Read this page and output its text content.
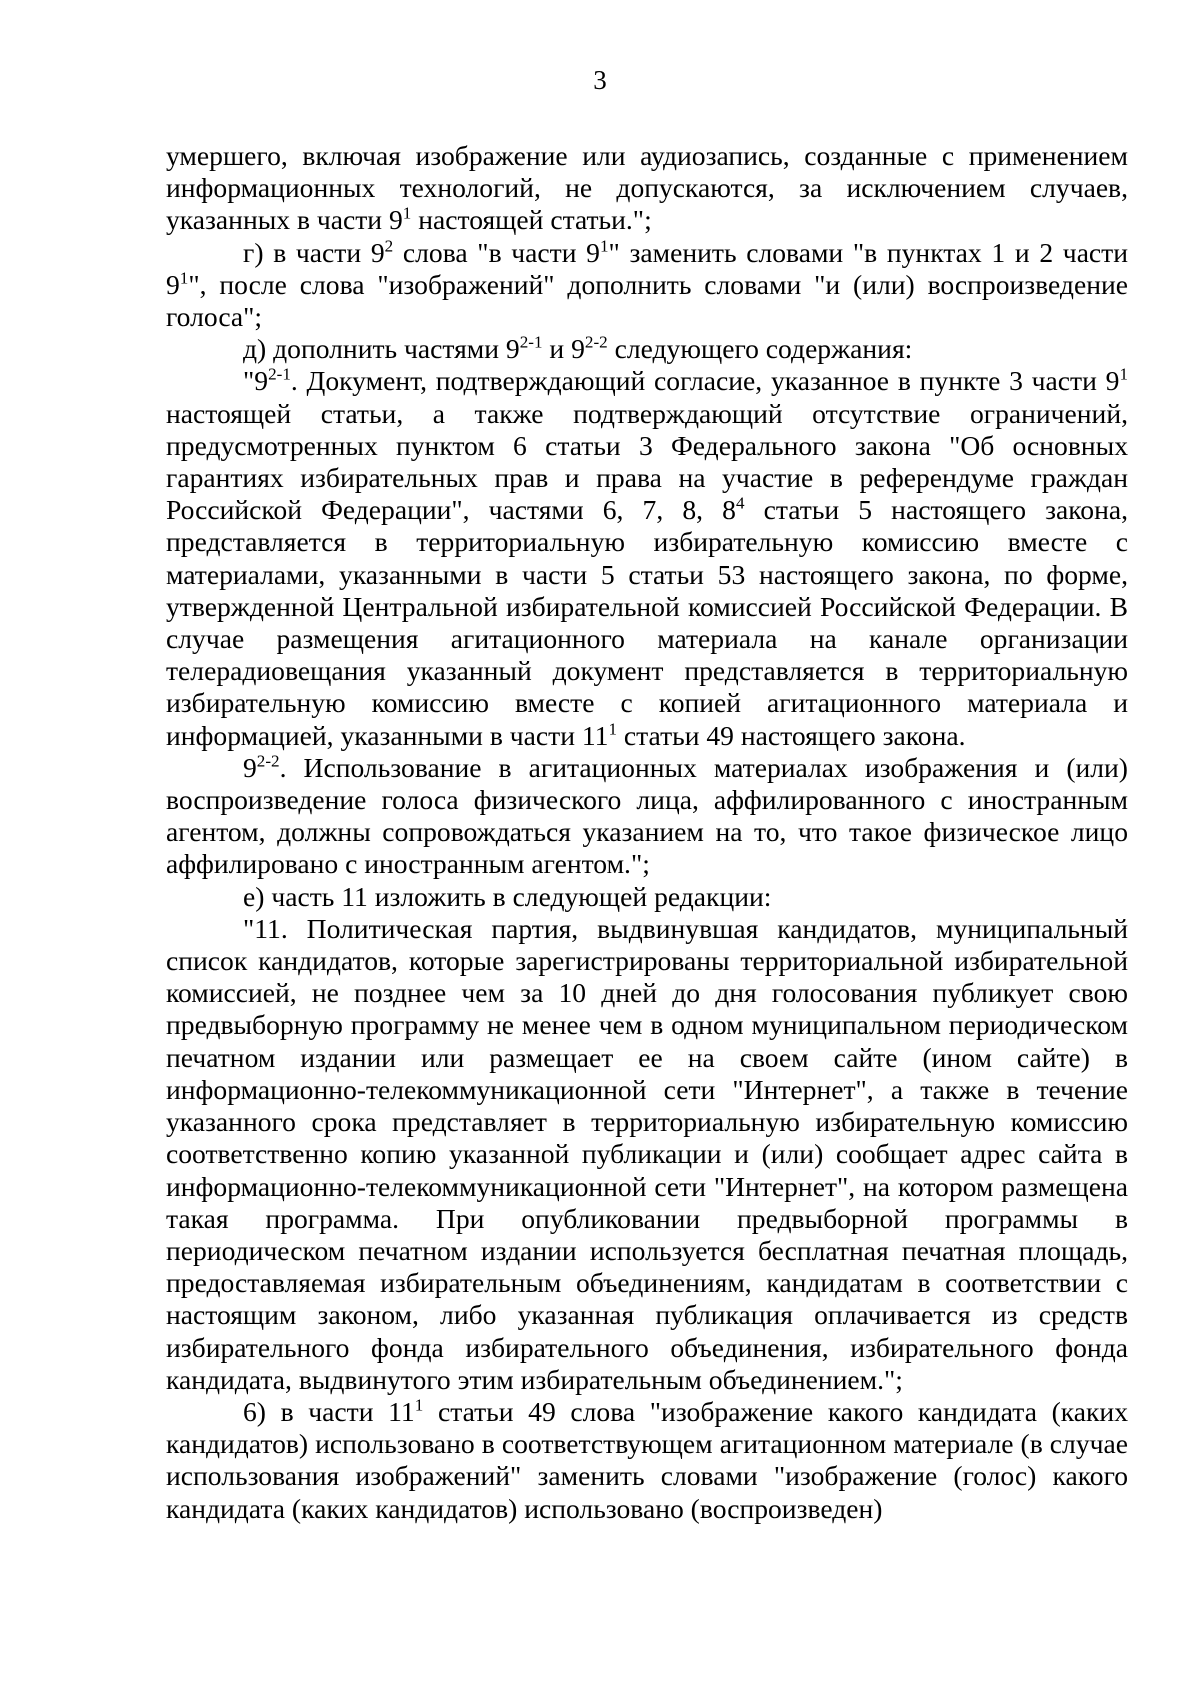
3

умершего, включая изображение или аудиозапись, созданные с применением информационных технологий, не допускаются, за исключением случаев, указанных в части $9^1$ настоящей статьи.";

г) в части $9^2$ слова "в части $9^1$" заменить словами "в пунктах 1 и 2 части $9^1$", после слова "изображений" дополнить словами "и (или) воспроизведение голоса";

д) дополнить частями 9$^{2-1}$ и 9$^{2-2}$ следующего содержания:

"9$^{2-1}$. Документ, подтверждающий согласие, указанное в пункте 3 части $9^1$ настоящей статьи, а также подтверждающий отсутствие ограничений, предусмотренных пунктом 6 статьи 3 Федерального закона "Об основных гарантиях избирательных прав и права на участие в референдуме граждан Российской Федерации", частями 6, 7, 8, $8^4$ статьи 5 настоящего закона, представляется в территориальную избирательную комиссию вместе с материалами, указанными в части 5 статьи 53 настоящего закона, по форме, утвержденной Центральной избирательной комиссией Российской Федерации. В случае размещения агитационного материала на канале организации телерадиовещания указанный документ представляется в территориальную избирательную комиссию вместе с копией агитационного материала и информацией, указанными в части $11^1$ статьи 49 настоящего закона.

9$^{2-2}$. Использование в агитационных материалах изображения и (или) воспроизведение голоса физического лица, аффилированного с иностранным агентом, должны сопровождаться указанием на то, что такое физическое лицо аффилировано с иностранным агентом.";

е) часть 11 изложить в следующей редакции:

"11. Политическая партия, выдвинувшая кандидатов, муниципальный список кандидатов, которые зарегистрированы территориальной избирательной комиссией, не позднее чем за 10 дней до дня голосования публикует свою предвыборную программу не менее чем в одном муниципальном периодическом печатном издании или размещает ее на своем сайте (ином сайте) в информационно-телекоммуникационной сети "Интернет", а также в течение указанного срока представляет в территориальную избирательную комиссию соответственно копию указанной публикации и (или) сообщает адрес сайта в информационно-телекоммуникационной сети "Интернет", на котором размещена такая программа. При опубликовании предвыборной программы в периодическом печатном издании используется бесплатная печатная площадь, предоставляемая избирательным объединениям, кандидатам в соответствии с настоящим законом, либо указанная публикация оплачивается из средств избирательного фонда избирательного объединения, избирательного фонда кандидата, выдвинутого этим избирательным объединением.";

6) в части $11^1$ статьи 49 слова "изображение какого кандидата (каких кандидатов) использовано в соответствующем агитационном материале (в случае использования изображений" заменить словами "изображение (голос) какого кандидата (каких кандидатов) использовано (воспроизведен)
